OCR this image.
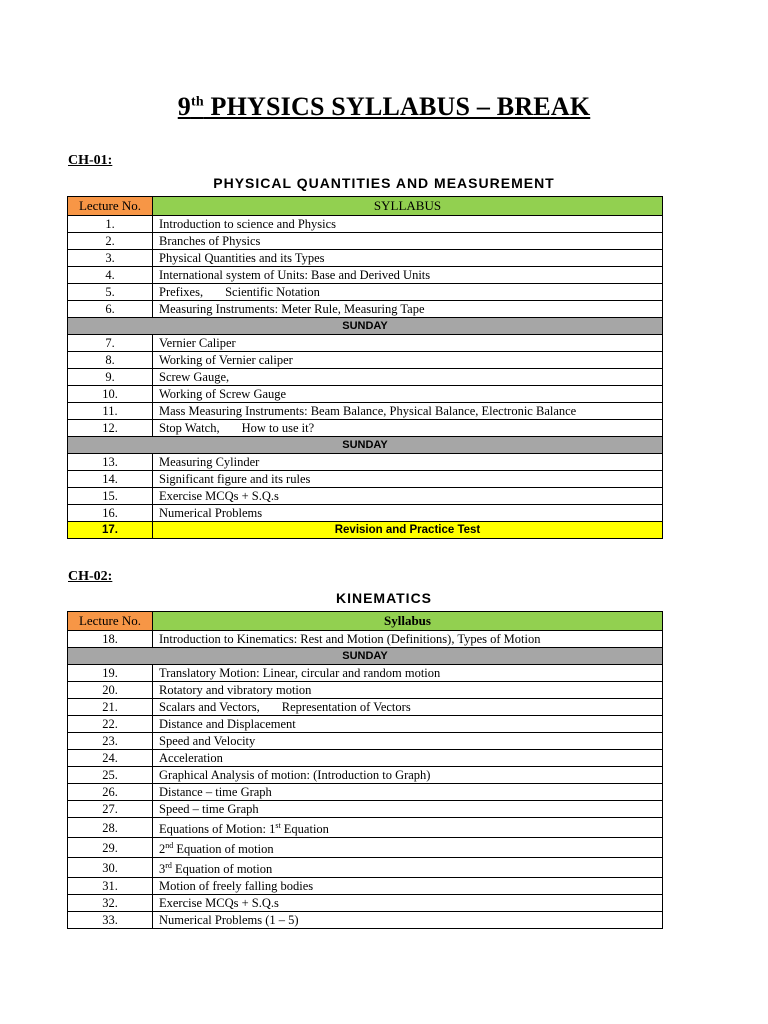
9th PHYSICS SYLLABUS – BREAK
CH-01:
PHYSICAL QUANTITIES AND MEASUREMENT
Lecture No.	SYLLABUS
1.	Introduction to science and Physics
2.	Branches of Physics
3.	Physical Quantities and its Types
4.	International system of Units: Base and Derived Units
5.	Prefixes, Scientific Notation
6.	Measuring Instruments: Meter Rule, Measuring Tape
SUNDAY	
7.	Vernier Caliper
8.	Working of Vernier caliper
9.	Screw Gauge,
10.	Working of Screw Gauge
11.	Mass Measuring Instruments: Beam Balance, Physical Balance, Electronic Balance
12.	Stop Watch, How to use it?
SUNDAY	
13.	Measuring Cylinder
14.	Significant figure and its rules
15.	Exercise MCQs + S.Q.s
16.	Numerical Problems
17.	Revision and Practice Test
CH-02:
KINEMATICS
Lecture No.	Syllabus
18.	Introduction to Kinematics: Rest and Motion (Definitions), Types of Motion
SUNDAY	
19.	Translatory Motion: Linear, circular and random motion
20.	Rotatory and vibratory motion
21.	Scalars and Vectors, Representation of Vectors
22.	Distance and Displacement
23.	Speed and Velocity
24.	Acceleration
25.	Graphical Analysis of motion: (Introduction to Graph)
26.	Distance – time Graph
27.	Speed – time Graph
28.	Equations of Motion: 1st Equation
29.	2nd Equation of motion
30.	3rd Equation of motion
31.	Motion of freely falling bodies
32.	Exercise MCQs + S.Q.s
33.	Numerical Problems (1 – 5)
